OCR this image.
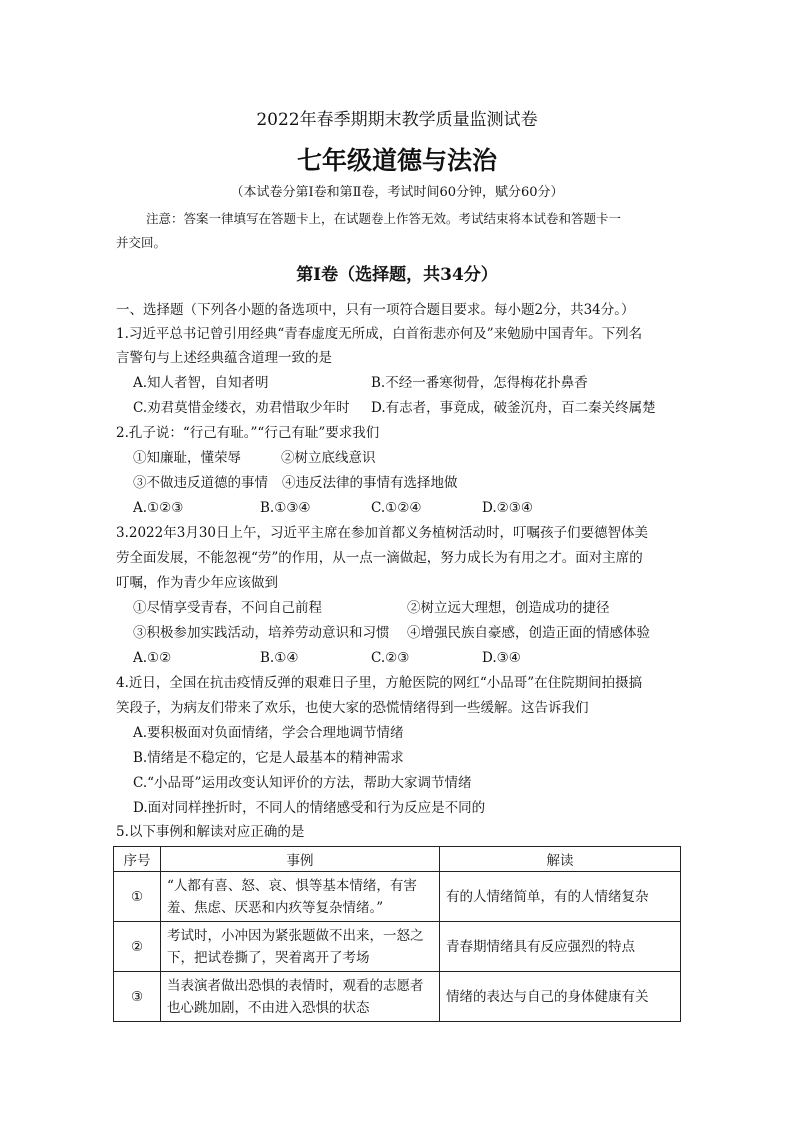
2022年春季期期末教学质量监测试卷
七年级道德与法治
（本试卷分第Ⅰ卷和第Ⅱ卷，考试时间60分钟，赋分60分）
注意：答案一律填写在答题卡上，在试题卷上作答无效。考试结束将本试卷和答题卡一
并交回。
第Ⅰ卷（选择题，共34分）
一、选择题（下列各小题的备选项中，只有一项符合题目要求。每小题2分，共34分。）
1.习近平总书记曾引用经典“青春虚度无所成，白首衔悲亦何及”来勉励中国青年。下列名
言警句与上述经典蕴含道理一致的是
A.知人者智，自知者明	B.不经一番寒彻骨，怎得梅花扑鼻香
C.劝君莫惜金缕衣，劝君惜取少年时 D.有志者，事竟成，破釜沉舟，百二秦关终属楚
2.孔子说：“行己有耻。”“行己有耻”要求我们
①知廉耻，懂荣辱	②树立底线意识
③不做违反道德的事情 ④违反法律的事情有选择地做
A.①②③	B.①③④	C.①②④	D.②③④
3.2022年3月30日上午，习近平主席在参加首都义务植树活动时，叮嘱孩子们要德智体美
劳全面发展，不能忽视“劳”的作用，从一点一滴做起，努力成长为有用之才。面对主席的
叮嘱，作为青少年应该做到
①尽情享受青春，不问自己前程	②树立远大理想，创造成功的捷径
③积极参加实践活动，培养劳动意识和习惯 ④增强民族自豪感，创造正面的情感体验
A.①②	B.①④	C.②③	D.③④
4.近日，全国在抗击疫情反弹的艰难日子里，方舱医院的网红“小品哥”在住院期间拍摄搞
笑段子，为病友们带来了欢乐，也使大家的恐慌情绪得到一些缓解。这告诉我们
A.要积极面对负面情绪，学会合理地调节情绪
B.情绪是不稳定的，它是人最基本的精神需求
C.“小品哥”运用改变认知评价的方法，帮助大家调节情绪
D.面对同样挫折时，不同人的情绪感受和行为反应是不同的
5.以下事例和解读对应正确的是
序号	事例	解读
①	“人都有喜、怒、哀、惧等基本情绪，有害
羞、焦虑、厌恶和内疚等复杂情绪。”	有的人情绪简单，有的人情绪复杂
②	考试时，小冲因为紧张题做不出来，一怒之
下，把试卷撕了，哭着离开了考场	青春期情绪具有反应强烈的特点
③	当表演者做出恐惧的表情时，观看的志愿者
也心跳加剧，不由进入恐惧的状态	情绪的表达与自己的身体健康有关
